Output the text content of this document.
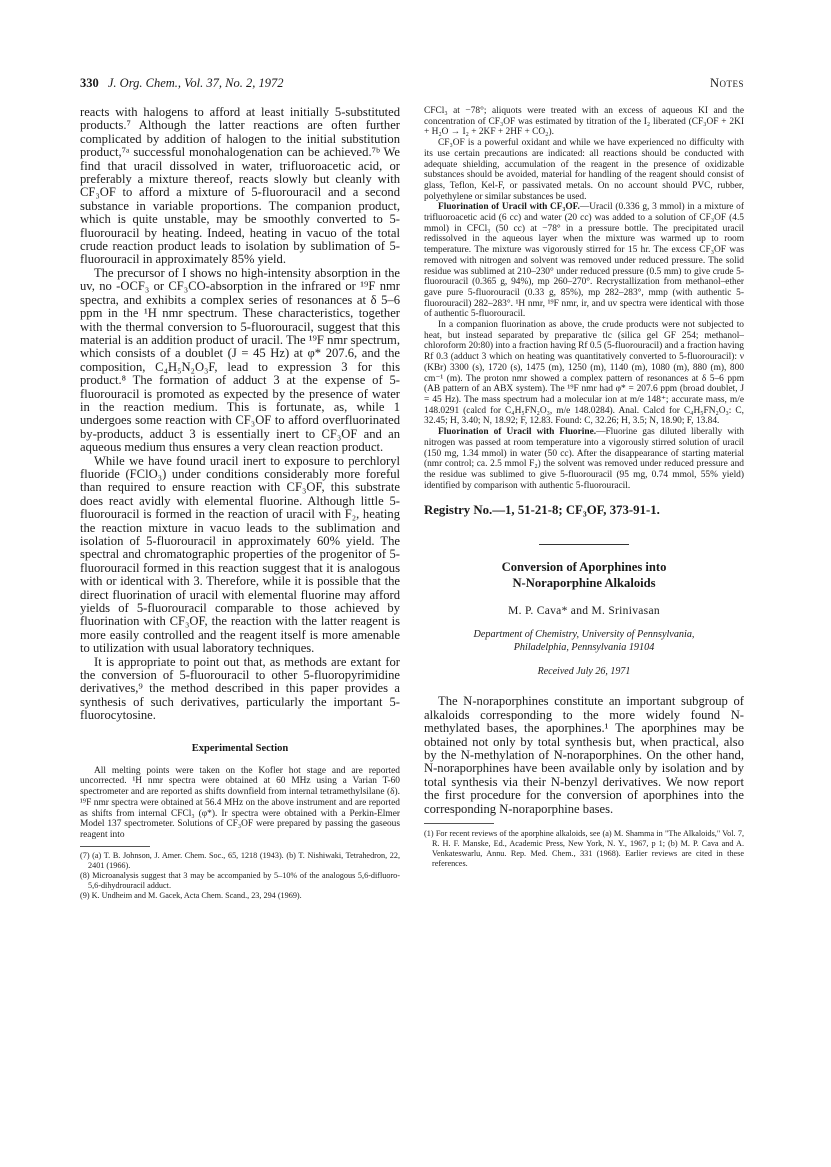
330 J. Org. Chem., Vol. 37, No. 2, 1972	Notes

reacts with halogens to afford at least initially 5-substituted products.⁷ Although the latter reactions are often further complicated by addition of halogen to the initial substitution product,⁷ᵃ successful monohalogenation can be achieved.⁷ᵇ We find that uracil dissolved in water, trifluoroacetic acid, or preferably a mixture thereof, reacts slowly but cleanly with CF₃OF to afford a mixture of 5-fluorouracil and a second substance in variable proportions. The companion product, which is quite unstable, may be smoothly converted to 5-fluorouracil by heating. Indeed, heating in vacuo of the total crude reaction product leads to isolation by sublimation of 5-fluorouracil in approximately 85% yield.

The precursor of I shows no high-intensity absorption in the uv, no -OCF₃ or CF₃CO-absorption in the infrared or ¹⁹F nmr spectra, and exhibits a complex series of resonances at δ 5–6 ppm in the ¹H nmr spectrum. These characteristics, together with the thermal conversion to 5-fluorouracil, suggest that this material is an addition product of uracil. The ¹⁹F nmr spectrum, which consists of a doublet (J = 45 Hz) at φ* 207.6, and the composition, C₄H₅N₂O₃F, lead to expression 3 for this product.⁸ The formation of adduct 3 at the expense of 5-fluorouracil is promoted as expected by the presence of water in the reaction medium. This is fortunate, as, while 1 undergoes some reaction with CF₃OF to afford overfluorinated by-products, adduct 3 is essentially inert to CF₃OF and an aqueous medium thus ensures a very clean reaction product.

While we have found uracil inert to exposure to perchloryl fluoride (FClO₃) under conditions considerably more foreful than required to ensure reaction with CF₃OF, this substrate does react avidly with elemental fluorine. Although little 5-fluorouracil is formed in the reaction of uracil with F₂, heating the reaction mixture in vacuo leads to the sublimation and isolation of 5-fluorouracil in approximately 60% yield. The spectral and chromatographic properties of the progenitor of 5-fluorouracil formed in this reaction suggest that it is analogous with or identical with 3. Therefore, while it is possible that the direct fluorination of uracil with elemental fluorine may afford yields of 5-fluorouracil comparable to those achieved by fluorination with CF₃OF, the reaction with the latter reagent is more easily controlled and the reagent itself is more amenable to utilization with usual laboratory techniques.

It is appropriate to point out that, as methods are extant for the conversion of 5-fluorouracil to other 5-fluoropyrimidine derivatives,⁹ the method described in this paper provides a synthesis of such derivatives, particularly the important 5-fluorocytosine.

Experimental Section

All melting points were taken on the Kofler hot stage and are reported uncorrected. ¹H nmr spectra were obtained at 60 MHz using a Varian T-60 spectrometer and are reported as shifts downfield from internal tetramethylsilane (δ). ¹⁹F nmr spectra were obtained at 56.4 MHz on the above instrument and are reported as shifts from internal CFCl₃ (φ*). Ir spectra were obtained with a Perkin-Elmer Model 137 spectrometer. Solutions of CF₃OF were prepared by passing the gaseous reagent into

(7) (a) T. B. Johnson, J. Amer. Chem. Soc., 65, 1218 (1943). (b) T. Nishiwaki, Tetrahedron, 22, 2401 (1966).

(8) Microanalysis suggest that 3 may be accompanied by 5–10% of the analogous 5,6-difluoro-5,6-dihydrouracil adduct.

(9) K. Undheim and M. Gacek, Acta Chem. Scand., 23, 294 (1969).

CFCl₃ at −78°; aliquots were treated with an excess of aqueous KI and the concentration of CF₃OF was estimated by titration of the I₂ liberated (CF₃OF + 2KI + H₂O → I₂ + 2KF + 2HF + CO₂).

CF₃OF is a powerful oxidant and while we have experienced no difficulty with its use certain precautions are indicated: all reactions should be conducted with adequate shielding, accumulation of the reagent in the presence of oxidizable substances should be avoided, material for handling of the reagent should consist of glass, Teflon, Kel-F, or passivated metals. On no account should PVC, rubber, polyethylene or similar substances be used.

Fluorination of Uracil with CF₃OF.—Uracil (0.336 g, 3 mmol) in a mixture of trifluoroacetic acid (6 cc) and water (20 cc) was added to a solution of CF₃OF (4.5 mmol) in CFCl₃ (50 cc) at −78° in a pressure bottle. The precipitated uracil redissolved in the aqueous layer when the mixture was warmed up to room temperature. The mixture was vigorously stirred for 15 hr. The excess CF₃OF was removed with nitrogen and solvent was removed under reduced pressure. The solid residue was sublimed at 210–230° under reduced pressure (0.5 mm) to give crude 5-fluorouracil (0.365 g, 94%), mp 260–270°. Recrystallization from methanol–ether gave pure 5-fluorouracil (0.33 g, 85%), mp 282–283°, mmp (with authentic 5-fluorouracil) 282–283°. ¹H nmr, ¹⁹F nmr, ir, and uv spectra were identical with those of authentic 5-fluorouracil.

In a companion fluorination as above, the crude products were not subjected to heat, but instead separated by preparative tlc (silica gel GF 254; methanol–chloroform 20:80) into a fraction having Rf 0.5 (5-fluorouracil) and a fraction having Rf 0.3 (adduct 3 which on heating was quantitatively converted to 5-fluorouracil): ν (KBr) 3300 (s), 1720 (s), 1475 (m), 1250 (m), 1140 (m), 1080 (m), 880 (m), 800 cm⁻¹ (m). The proton nmr showed a complex pattern of resonances at δ 5–6 ppm (AB pattern of an ABX system). The ¹⁹F nmr had φ* = 207.6 ppm (broad doublet, J = 45 Hz). The mass spectrum had a molecular ion at m/e 148⁺; accurate mass, m/e 148.0291 (calcd for C₄H₅FN₂O₃, m/e 148.0284). Anal. Calcd for C₄H₅FN₂O₃: C, 32.45; H, 3.40; N, 18.92; F, 12.83. Found: C, 32.26; H, 3.5; N, 18.90; F, 13.84.

Fluorination of Uracil with Fluorine.—Fluorine gas diluted liberally with nitrogen was passed at room temperature into a vigorously stirred solution of uracil (150 mg, 1.34 mmol) in water (50 cc). After the disappearance of starting material (nmr control; ca. 2.5 mmol F₂) the solvent was removed under reduced pressure and the residue was sublimed to give 5-fluorouracil (95 mg, 0.74 mmol, 55% yield) identified by comparison with authentic 5-fluorouracil.

Registry No.—1, 51-21-8; CF₃OF, 373-91-1.

Conversion of Aporphines into
N-Noraporphine Alkaloids
M. P. Cava* and M. Srinivasan
Department of Chemistry, University of Pennsylvania,
Philadelphia, Pennsylvania 19104
Received July 26, 1971

The N-noraporphines constitute an important subgroup of alkaloids corresponding to the more widely found N-methylated bases, the aporphines.¹ The aporphines may be obtained not only by total synthesis but, when practical, also by the N-methylation of N-noraporphines. On the other hand, N-noraporphines have been available only by isolation and by total synthesis via their N-benzyl derivatives. We now report the first procedure for the conversion of aporphines into the corresponding N-noraporphine bases.

(1) For recent reviews of the aporphine alkaloids, see (a) M. Shamma in "The Alkaloids," Vol. 7, R. H. F. Manske, Ed., Academic Press, New York, N. Y., 1967, p 1; (b) M. P. Cava and A. Venkateswarlu, Annu. Rep. Med. Chem., 331 (1968). Earlier reviews are cited in these references.
